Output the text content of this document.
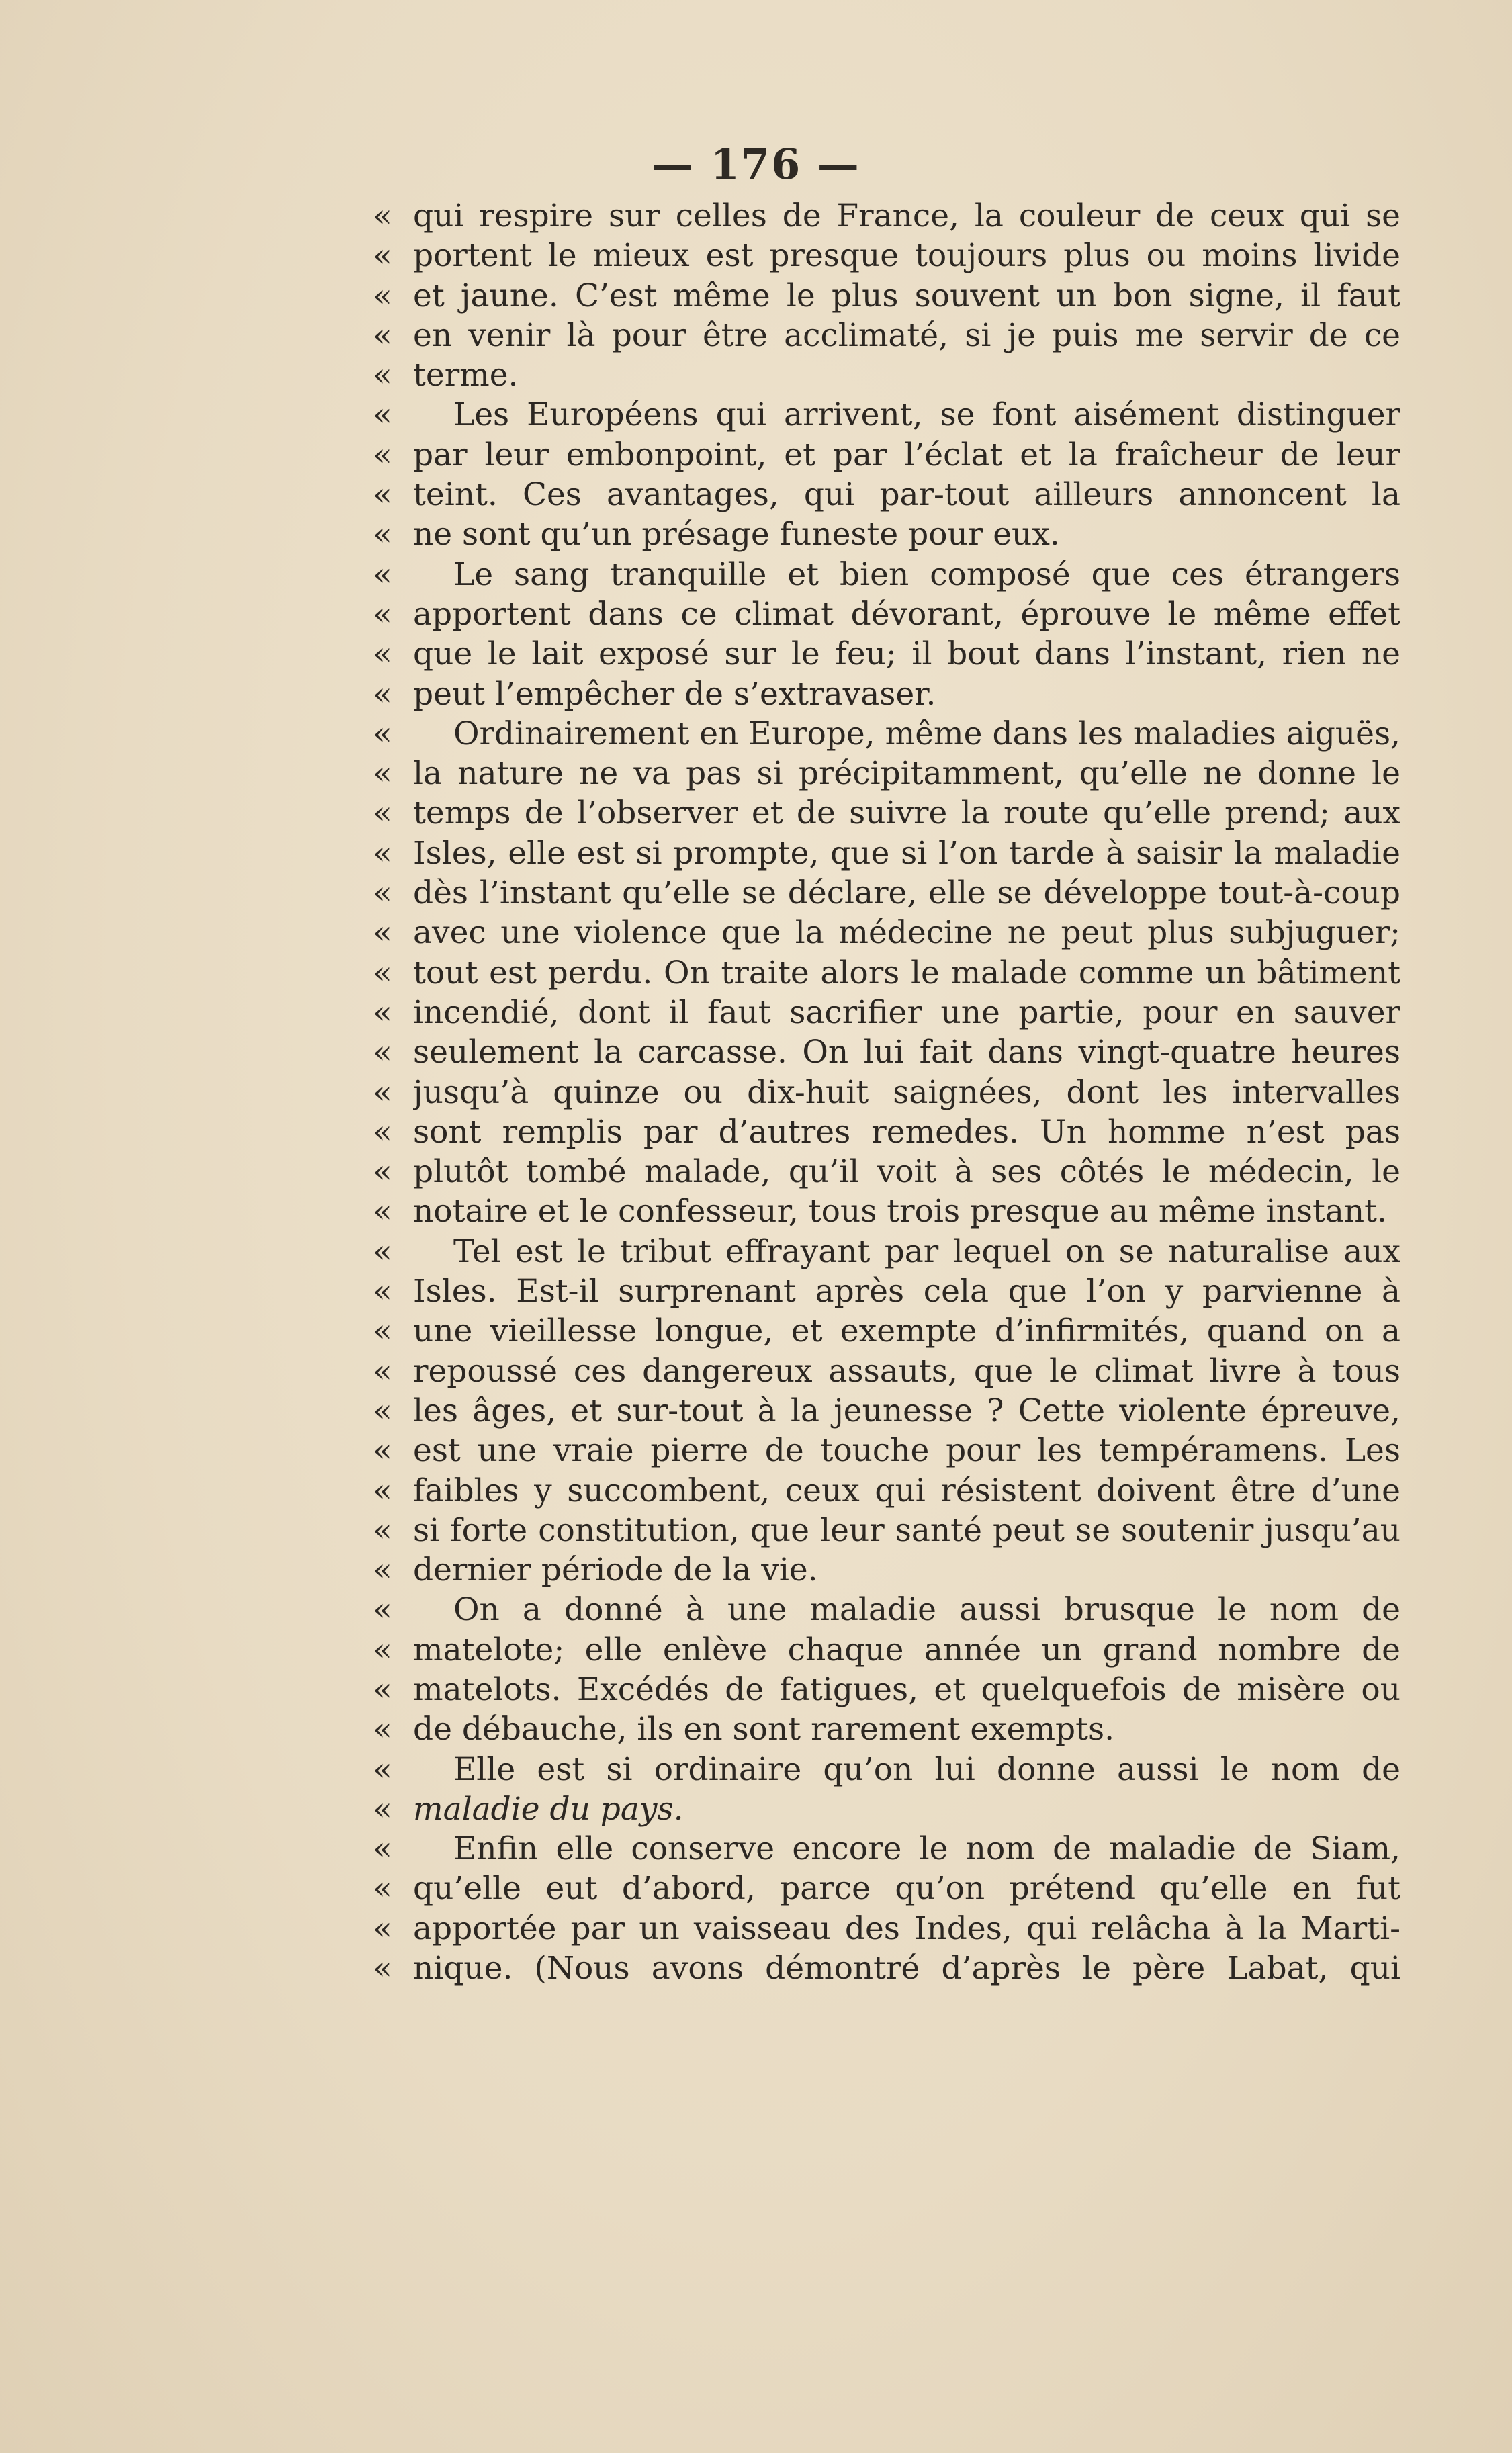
— 176 —
« qui respire sur celles de France, la couleur de ceux qui se
« portent le mieux est presque toujours plus ou moins livide
« et jaune. C’est même le plus souvent un bon signe, il faut
« en venir là pour être acclimaté, si je puis me servir de ce
« terme.
«	Les Européens qui arrivent, se font aisément distinguer
« par leur embonpoint, et par l’éclat et la fraîcheur de leur
« teint. Ces avantages, qui par-tout ailleurs annoncent la
« ne sont qu’un présage funeste pour eux.
«	Le sang tranquille et bien composé que ces étrangers
« apportent dans ce climat dévorant, éprouve le même effet
« que le lait exposé sur le feu; il bout dans l’instant, rien ne
« peut l’empêcher de s’extravaser.
«	Ordinairement en Europe, même dans les maladies aiguës,
« la nature ne va pas si précipitamment, qu’elle ne donne le
« temps de l’observer et de suivre la route qu’elle prend; aux
« Isles, elle est si prompte, que si l’on tarde à saisir la maladie
« dès l’instant qu’elle se déclare, elle se développe tout-à-coup
« avec une violence que la médecine ne peut plus subjuguer;
« tout est perdu. On traite alors le malade comme un bâtiment
« incendié, dont il faut sacrifier une partie, pour en sauver
« seulement la carcasse. On lui fait dans vingt-quatre heures
« jusqu’à quinze ou dix-huit saignées, dont les intervalles
« sont remplis par d’autres remedes. Un homme n’est pas
« plutôt tombé malade, qu’il voit à ses côtés le médecin, le
« notaire et le confesseur, tous trois presque au même instant.
«	Tel est le tribut effrayant par lequel on se naturalise aux
« Isles. Est-il surprenant après cela que l’on y parvienne à
« une vieillesse longue, et exempte d’infirmités, quand on a
« repoussé ces dangereux assauts, que le climat livre à tous
« les âges, et sur-tout à la jeunesse ? Cette violente épreuve,
« est une vraie pierre de touche pour les tempéramens. Les
« faibles y succombent, ceux qui résistent doivent être d’une
« si forte constitution, que leur santé peut se soutenir jusqu’au
« dernier période de la vie.
«	On a donné à une maladie aussi brusque le nom de
« matelote; elle enlève chaque année un grand nombre de
« matelots. Excédés de fatigues, et quelquefois de misère ou
« de débauche, ils en sont rarement exempts.
«	Elle est si ordinaire qu’on lui donne aussi le nom de
« maladie du pays.
«	Enfin elle conserve encore le nom de maladie de Siam,
« qu’elle eut d’abord, parce qu’on prétend qu’elle en fut
« apportée par un vaisseau des Indes, qui relâcha à la Marti-
« nique. (Nous avons démontré d’après le père Labat, qui
